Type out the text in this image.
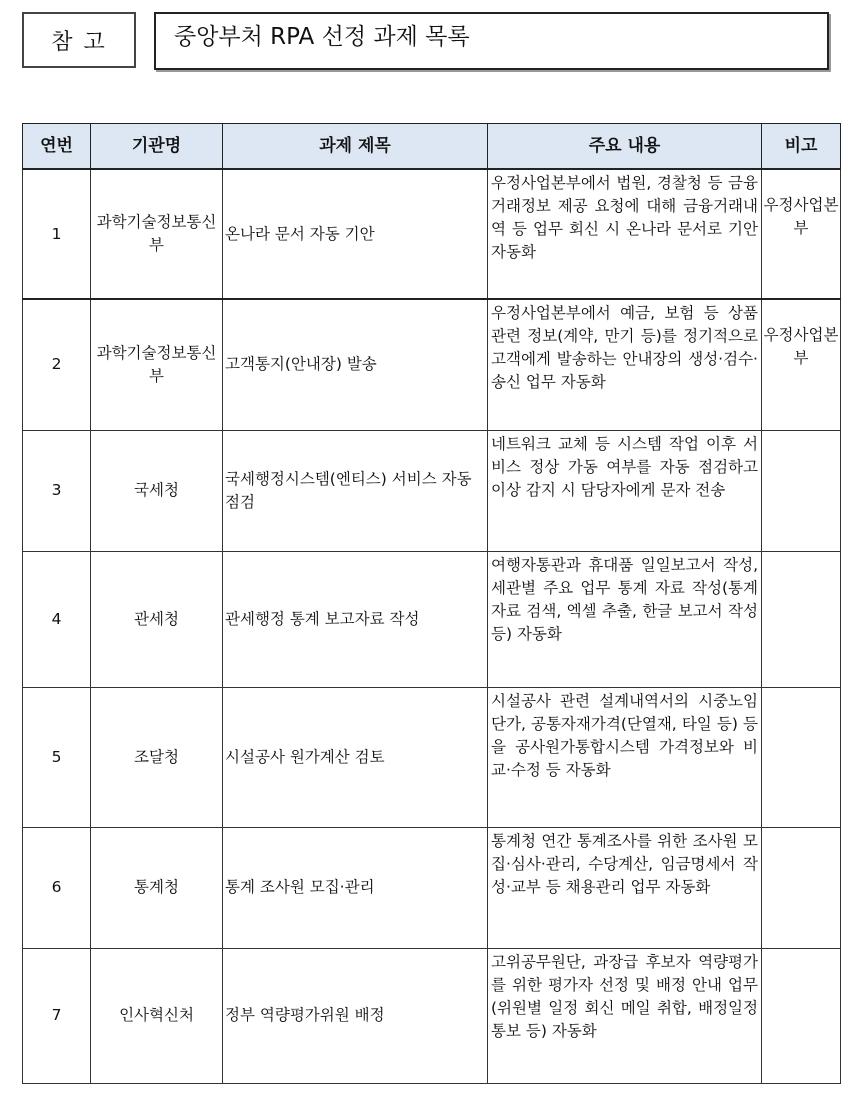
참 고	중앙부처 RPA 선정 과제 목록
연번	기관명	과제 제목	주요 내용	비고
1	과학기술정보통신부	온나라 문서 자동 기안	우정사업본부에서 법원, 경찰청 등 금융거래정보 제공 요청에 대해 금융거래내역 등 업무 회신 시 온나라 문서로 기안 자동화	우정사업본부
2	과학기술정보통신부	고객통지(안내장) 발송	우정사업본부에서 예금, 보험 등 상품 관련 정보(계약, 만기 등)를 정기적으로 고객에게 발송하는 안내장의 생성·검수·송신 업무 자동화	우정사업본부
3	국세청	국세행정시스템(엔티스) 서비스 자동 점검	네트워크 교체 등 시스템 작업 이후 서비스 정상 가동 여부를 자동 점검하고 이상 감지 시 담당자에게 문자 전송	
4	관세청	관세행정 통계 보고자료 작성	여행자통관과 휴대품 일일보고서 작성, 세관별 주요 업무 통계 자료 작성(통계 자료 검색, 엑셀 추출, 한글 보고서 작성 등) 자동화	
5	조달청	시설공사 원가계산 검토	시설공사 관련 설계내역서의 시중노임단가, 공통자재가격(단열재, 타일 등) 등을 공사원가통합시스템 가격정보와 비교·수정 등 자동화	
6	통계청	통계 조사원 모집·관리	통계청 연간 통계조사를 위한 조사원 모집·심사·관리, 수당계산, 임금명세서 작성·교부 등 채용관리 업무 자동화	
7	인사혁신처	정부 역량평가위원 배정	고위공무원단, 과장급 후보자 역량평가를 위한 평가자 선정 및 배정 안내 업무(위원별 일정 회신 메일 취합, 배정일정 통보 등) 자동화	
